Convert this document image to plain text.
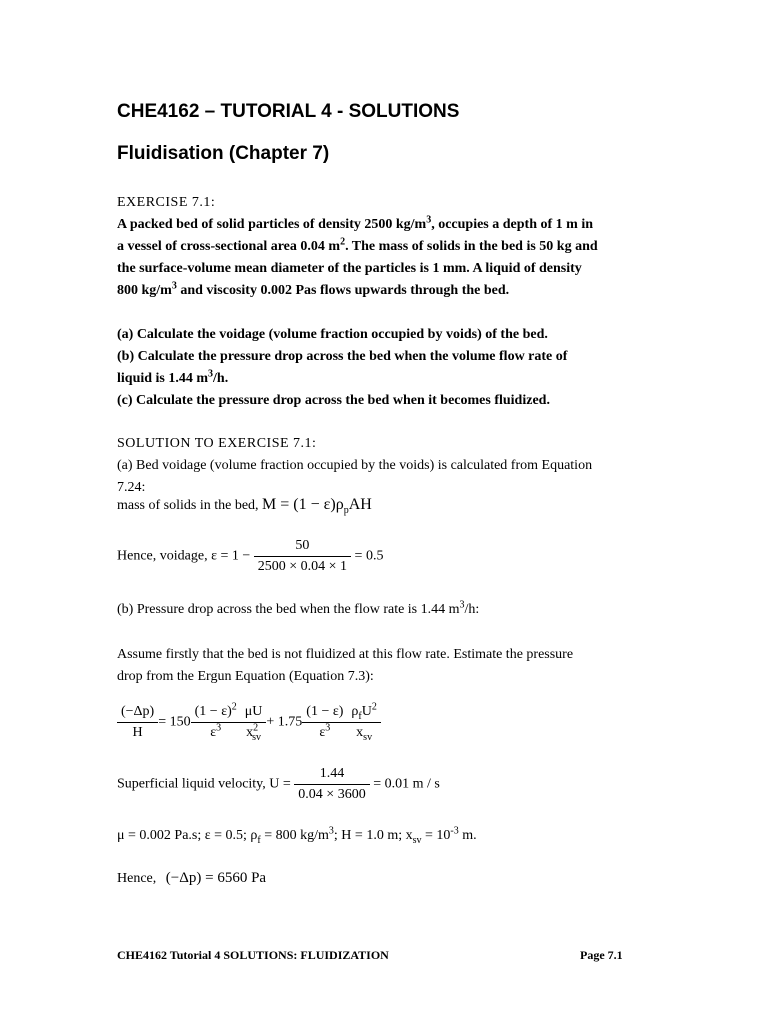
CHE4162 – TUTORIAL 4 - SOLUTIONS
Fluidisation (Chapter 7)
EXERCISE 7.1:
A packed bed of solid particles of density 2500 $kg/m^3$, occupies a depth of 1 m in
a vessel of cross-sectional area 0.04 $m^2$. The mass of solids in the bed is 50 kg and
the surface-volume mean diameter of the particles is 1 mm. A liquid of density
800 $kg/m^3$ and viscosity 0.002 Pas flows upwards through the bed.

(a) Calculate the voidage (volume fraction occupied by voids) of the bed.
(b) Calculate the pressure drop across the bed when the volume flow rate of
liquid is 1.44 $m^3/h$.
(c) Calculate the pressure drop across the bed when it becomes fluidized.
SOLUTION TO EXERCISE 7.1:
(a) Bed voidage (volume fraction occupied by the voids) is calculated from Equation
7.24:
mass of solids in the bed, $M = (1 - \varepsilon)\rho_pAH$
Hence, voidage, $\varepsilon = 1 - \frac{50}{2500 \times 0.04 \times 1} = 0.5$
(b) Pressure drop across the bed when the flow rate is 1.44 $m^3/h$:
Assume firstly that the bed is not fluidized at this flow rate. Estimate the pressure
drop from the Ergun Equation (Equation 7.3):
$\frac{(-\Delta p)}{H} = 150 \frac{(1 - \varepsilon)^2}{\varepsilon^3} \frac{\mu U}{x^2_{sv}} + 1.75 \frac{(1 - \varepsilon)}{\varepsilon^3} \frac{\rho_fU^2}{x_{sv}}$
Superficial liquid velocity, $U = \frac{1.44}{0.04 \times 3600} = 0.01$ m / s
μ = 0.002 Pa.s; ε = 0.5; $\rho_f = 800$ $kg/m^3$; H = 1.0 m; $x_{sv} = 10^{-3}$ m.
Hence, (−Δp) = 6560 Pa
CHE4162 Tutorial 4 SOLUTIONS: FLUIDIZATION	Page 7.1
